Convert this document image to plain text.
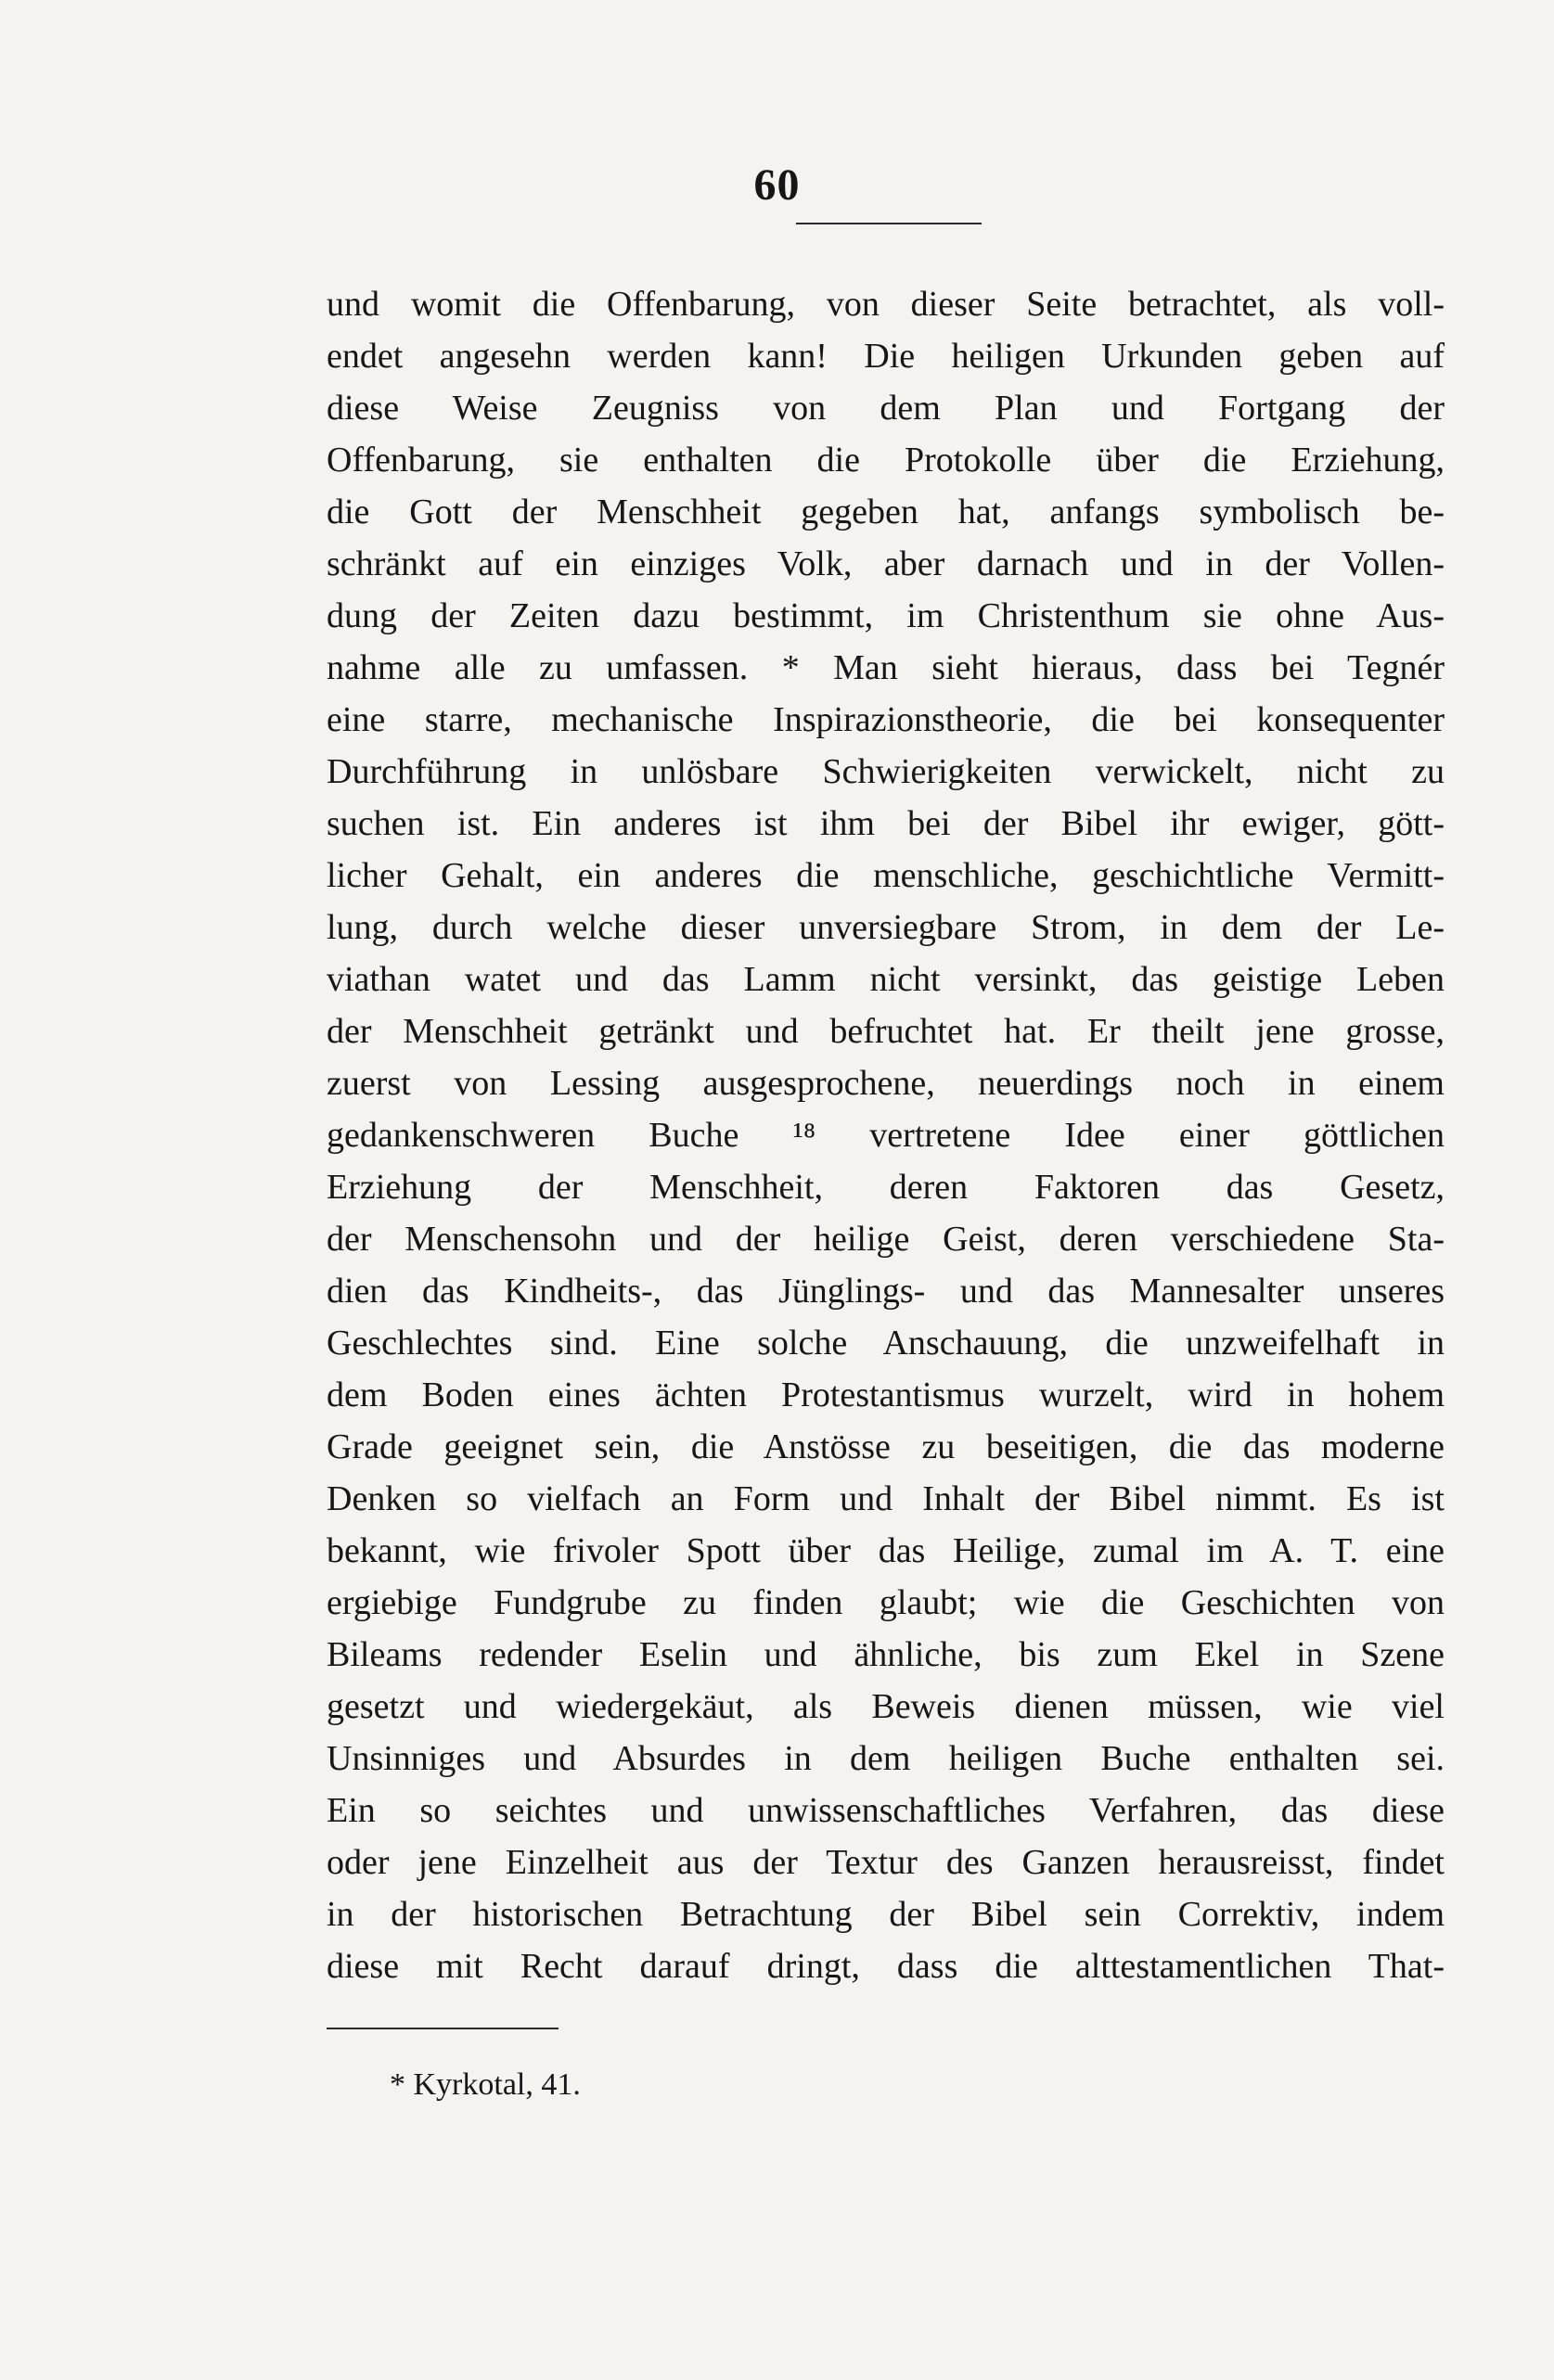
60
und womit die Offenbarung, von dieser Seite betrachtet, als voll-
endet angesehn werden kann! Die heiligen Urkunden geben auf
diese Weise Zeugniss von dem Plan und Fortgang der
Offenbarung, sie enthalten die Protokolle über die Erziehung,
die Gott der Menschheit gegeben hat, anfangs symbolisch be-
schränkt auf ein einziges Volk, aber darnach und in der Vollen-
dung der Zeiten dazu bestimmt, im Christenthum sie ohne Aus-
nahme alle zu umfassen. * Man sieht hieraus, dass bei Tegnér
eine starre, mechanische Inspirazionstheorie, die bei konsequenter
Durchführung in unlösbare Schwierigkeiten verwickelt, nicht zu
suchen ist. Ein anderes ist ihm bei der Bibel ihr ewiger, gött-
licher Gehalt, ein anderes die menschliche, geschichtliche Vermitt-
lung, durch welche dieser unversiegbare Strom, in dem der Le-
viathan watet und das Lamm nicht versinkt, das geistige Leben
der Menschheit getränkt und befruchtet hat. Er theilt jene grosse,
zuerst von Lessing ausgesprochene, neuerdings noch in einem
gedankenschweren Buche ¹⁸ vertretene Idee einer göttlichen
Erziehung der Menschheit, deren Faktoren das Gesetz,
der Menschensohn und der heilige Geist, deren verschiedene Sta-
dien das Kindheits-, das Jünglings- und das Mannesalter unseres
Geschlechtes sind. Eine solche Anschauung, die unzweifelhaft in
dem Boden eines ächten Protestantismus wurzelt, wird in hohem
Grade geeignet sein, die Anstösse zu beseitigen, die das moderne
Denken so vielfach an Form und Inhalt der Bibel nimmt. Es ist
bekannt, wie frivoler Spott über das Heilige, zumal im A. T. eine
ergiebige Fundgrube zu finden glaubt; wie die Geschichten von
Bileams redender Eselin und ähnliche, bis zum Ekel in Szene
gesetzt und wiedergekäut, als Beweis dienen müssen, wie viel
Unsinniges und Absurdes in dem heiligen Buche enthalten sei.
Ein so seichtes und unwissenschaftliches Verfahren, das diese
oder jene Einzelheit aus der Textur des Ganzen herausreisst, findet
in der historischen Betrachtung der Bibel sein Correktiv, indem
diese mit Recht darauf dringt, dass die alttestamentlichen That-
* Kyrkotal, 41.
